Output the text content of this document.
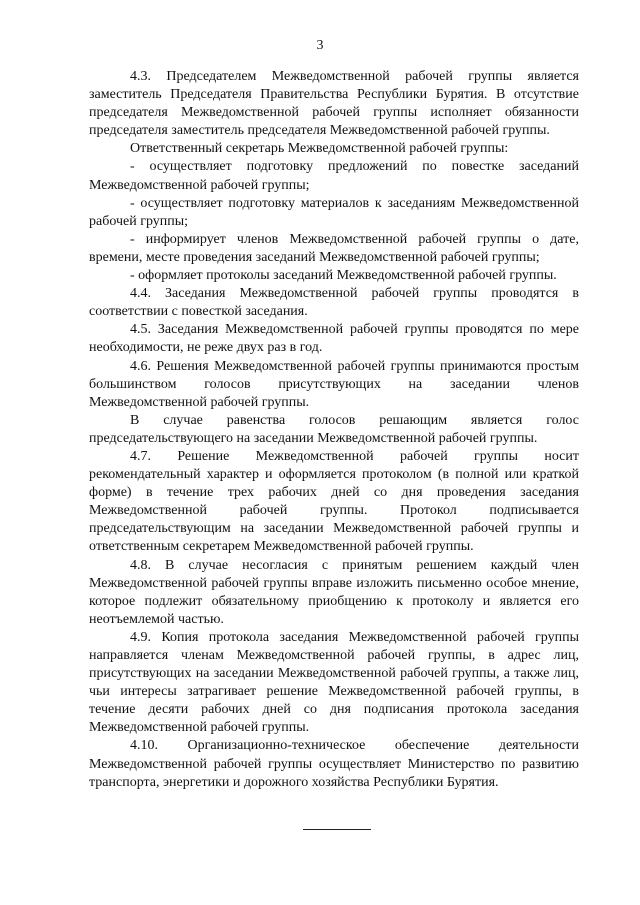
3

4.3. Председателем Межведомственной рабочей группы является заместитель Председателя Правительства Республики Бурятия. В отсутствие председателя Межведомственной рабочей группы исполняет обязанности председателя заместитель председателя Межведомственной рабочей группы.

Ответственный секретарь Межведомственной рабочей группы:

- осуществляет подготовку предложений по повестке заседаний Межведомственной рабочей группы;

- осуществляет подготовку материалов к заседаниям Межведомственной рабочей группы;

- информирует членов Межведомственной рабочей группы о дате, времени, месте проведения заседаний Межведомственной рабочей группы;

- оформляет протоколы заседаний Межведомственной рабочей группы.

4.4. Заседания Межведомственной рабочей группы проводятся в соответствии с повесткой заседания.

4.5. Заседания Межведомственной рабочей группы проводятся по мере необходимости, не реже двух раз в год.

4.6. Решения Межведомственной рабочей группы принимаются простым большинством голосов присутствующих на заседании членов Межведомственной рабочей группы.

В случае равенства голосов решающим является голос председательствующего на заседании Межведомственной рабочей группы.

4.7. Решение Межведомственной рабочей группы носит рекомендательный характер и оформляется протоколом (в полной или краткой форме) в течение трех рабочих дней со дня проведения заседания Межведомственной рабочей группы. Протокол подписывается председательствующим на заседании Межведомственной рабочей группы и ответственным секретарем Межведомственной рабочей группы.

4.8. В случае несогласия с принятым решением каждый член Межведомственной рабочей группы вправе изложить письменно особое мнение, которое подлежит обязательному приобщению к протоколу и является его неотъемлемой частью.

4.9. Копия протокола заседания Межведомственной рабочей группы направляется членам Межведомственной рабочей группы, в адрес лиц, присутствующих на заседании Межведомственной рабочей группы, а также лиц, чьи интересы затрагивает решение Межведомственной рабочей группы, в течение десяти рабочих дней со дня подписания протокола заседания Межведомственной рабочей группы.

4.10. Организационно-техническое обеспечение деятельности Межведомственной рабочей группы осуществляет Министерство по развитию транспорта, энергетики и дорожного хозяйства Республики Бурятия.
